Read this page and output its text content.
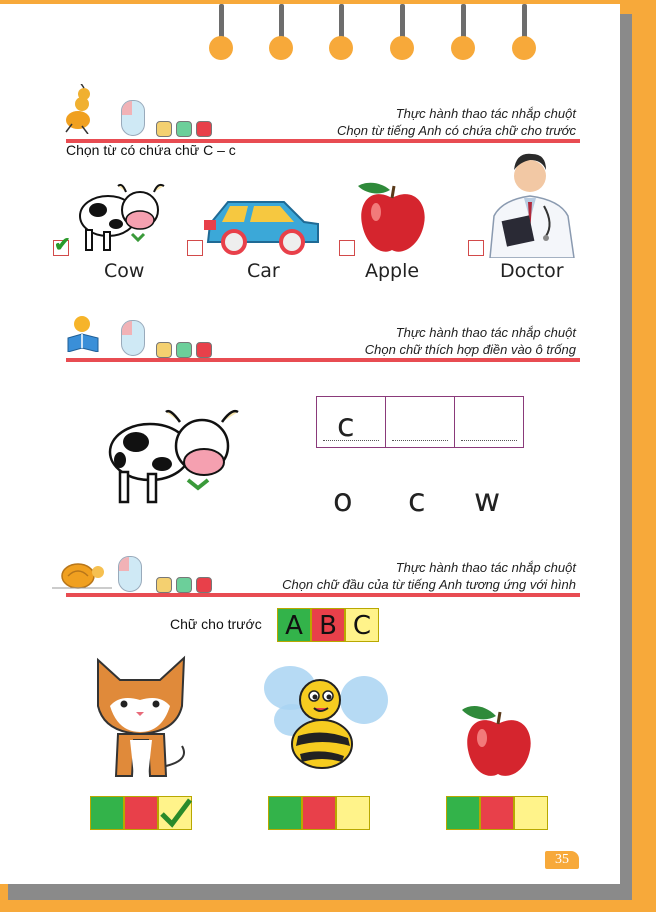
Thực hành thao tác nhắp chuột
Chọn từ tiếng Anh có chứa chữ cho trước
Chọn từ có chứa chữ C – c
✔
Cow	Car	Apple	Doctor
Thực hành thao tác nhắp chuột
Chọn chữ thích hợp điền vào ô trống
c
o c w
Thực hành thao tác nhắp chuột
Chọn chữ đầu của từ tiếng Anh tương ứng với hình
Chữ cho trước A B C
35
